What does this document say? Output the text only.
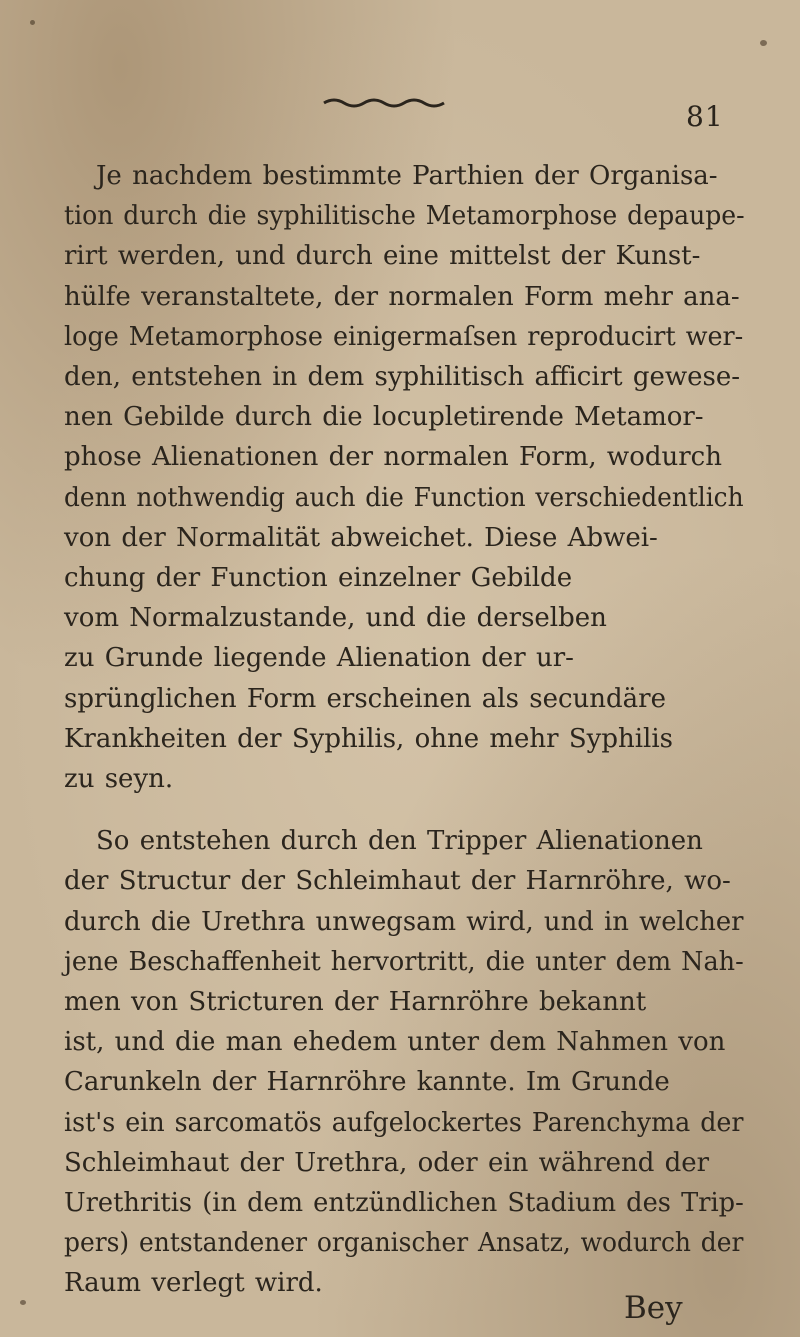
81
Je nachdem bestimmte Parthien der Organisa-
tion durch die syphilitische Metamorphose depaupe-
rirt werden, und durch eine mittelst der Kunst-
hülfe veranstaltete, der normalen Form mehr ana-
loge Metamorphose einigermaſsen reproducirt wer-
den, entstehen in dem syphilitisch afficirt gewese-
nen Gebilde durch die locupletirende Metamor-
phose Alienationen der normalen Form, wodurch
denn nothwendig auch die Function verschiedentlich
von der Normalität abweichet. Diese Abwei-
chung der Function einzelner Gebilde
vom Normalzustande, und die derselben
zu Grunde liegende Alienation der ur-
sprünglichen Form erscheinen als secundäre
Krankheiten der Syphilis, ohne mehr Syphilis
zu seyn.
So entstehen durch den Tripper Alienationen
der Structur der Schleimhaut der Harnröhre, wo-
durch die Urethra unwegsam wird, und in welcher
jene Beschaffenheit hervortritt, die unter dem Nah-
men von Stricturen der Harnröhre bekannt
ist, und die man ehedem unter dem Nahmen von
Carunkeln der Harnröhre kannte. Im Grunde
ist's ein sarcomatös aufgelockertes Parenchyma der
Schleimhaut der Urethra, oder ein während der
Urethritis (in dem entzündlichen Stadium des Trip-
pers) entstandener organischer Ansatz, wodurch der
Raum verlegt wird.
Bey
